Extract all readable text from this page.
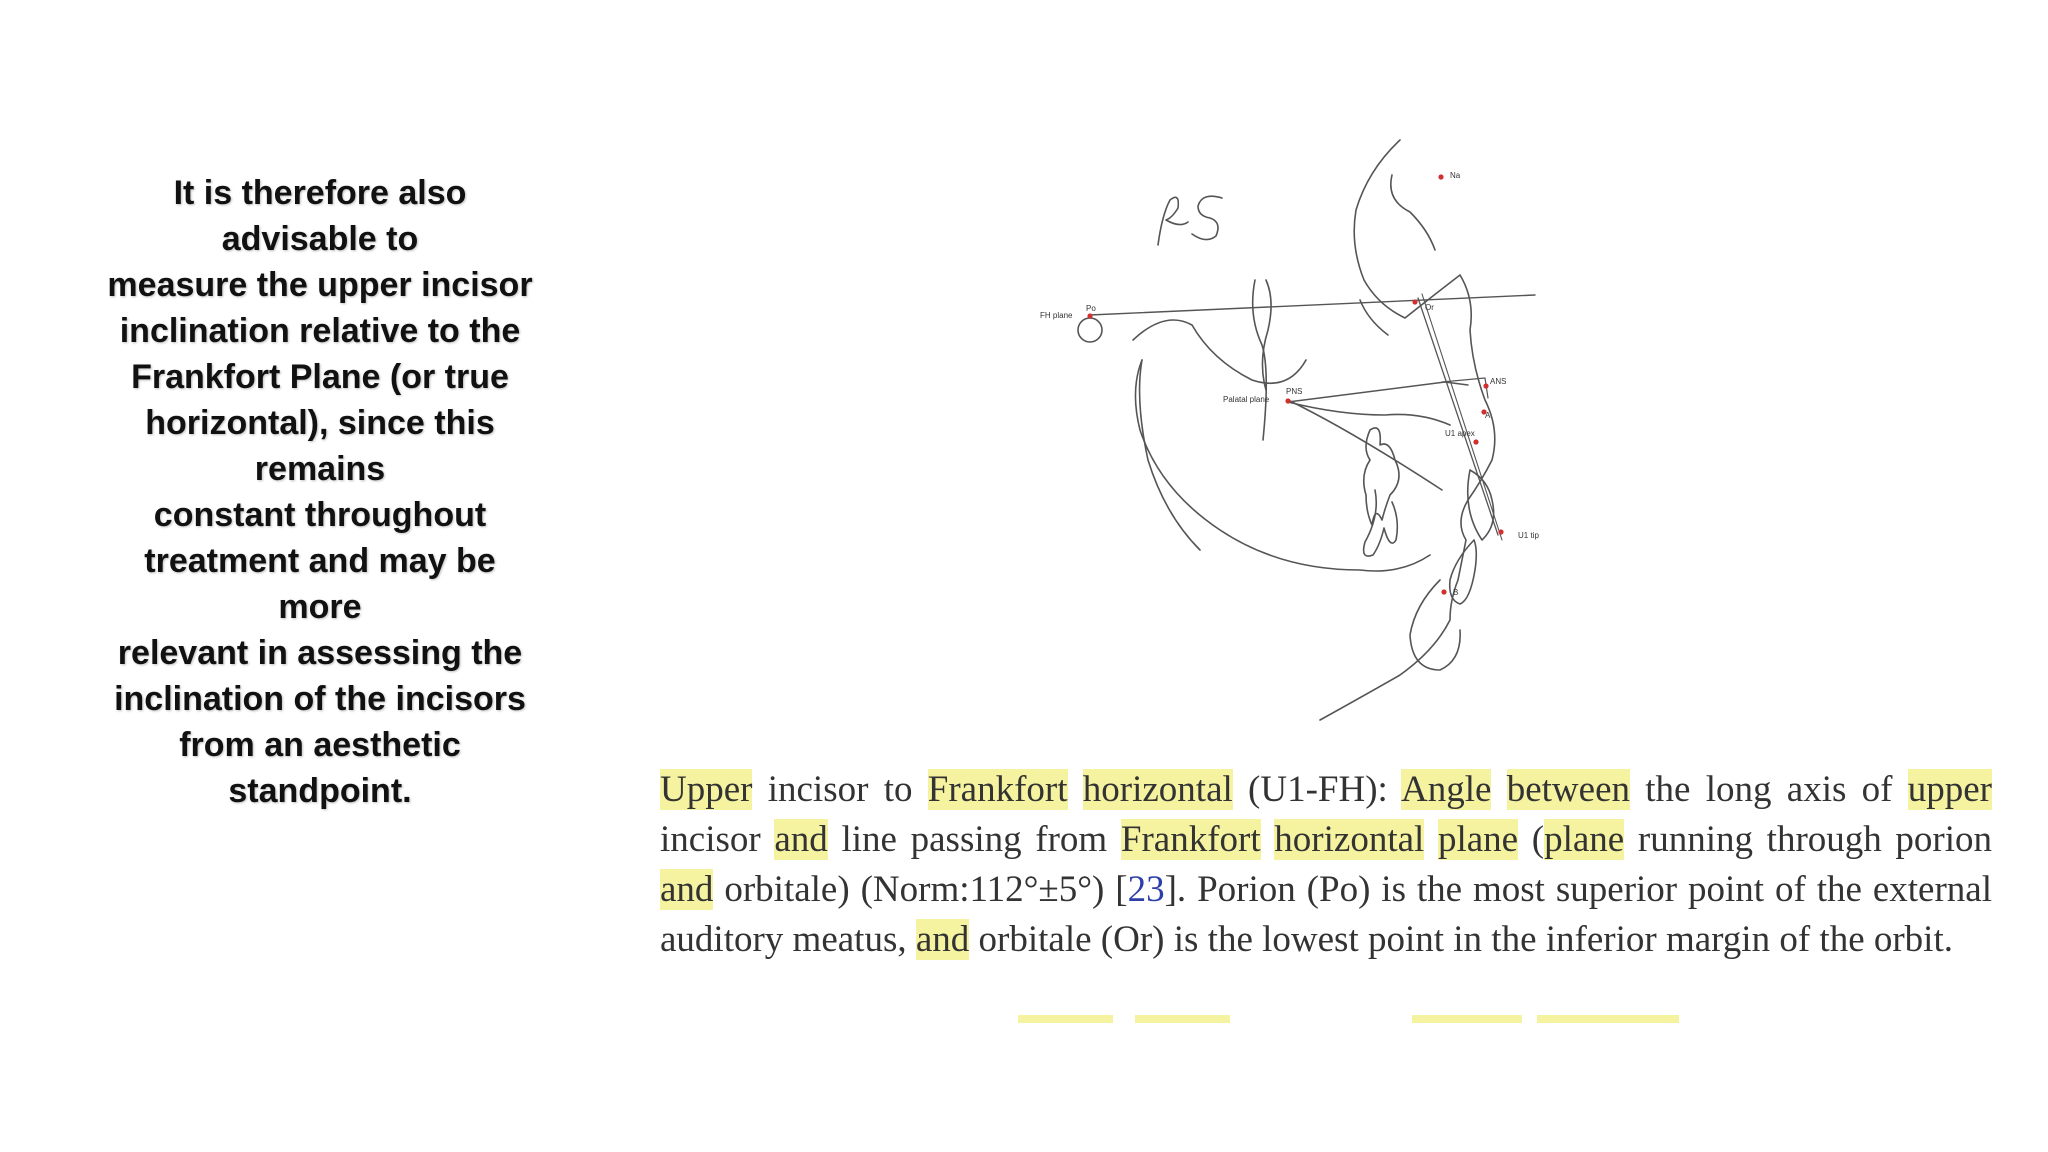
It is therefore also
advisable to
measure the upper incisor
inclination relative to the
Frankfort Plane (or true
horizontal), since this
remains
constant throughout
treatment and may be
more
relevant in assessing the
inclination of the incisors
from an aesthetic
standpoint.
Na
FH plane
Po	Or
PNS
Palatal plane
ANS
A
U1 apex
U1 tip
B
Upper incisor to Frankfort horizontal (U1-FH): Angle between the long axis of upper incisor and line passing from Frankfort horizontal plane (plane running through porion and orbitale) (Norm:112°±5°) [23]. Porion (Po) is the most superior point of the external auditory meatus, and orbitale (Or) is the lowest point in the inferior margin of the orbit.
